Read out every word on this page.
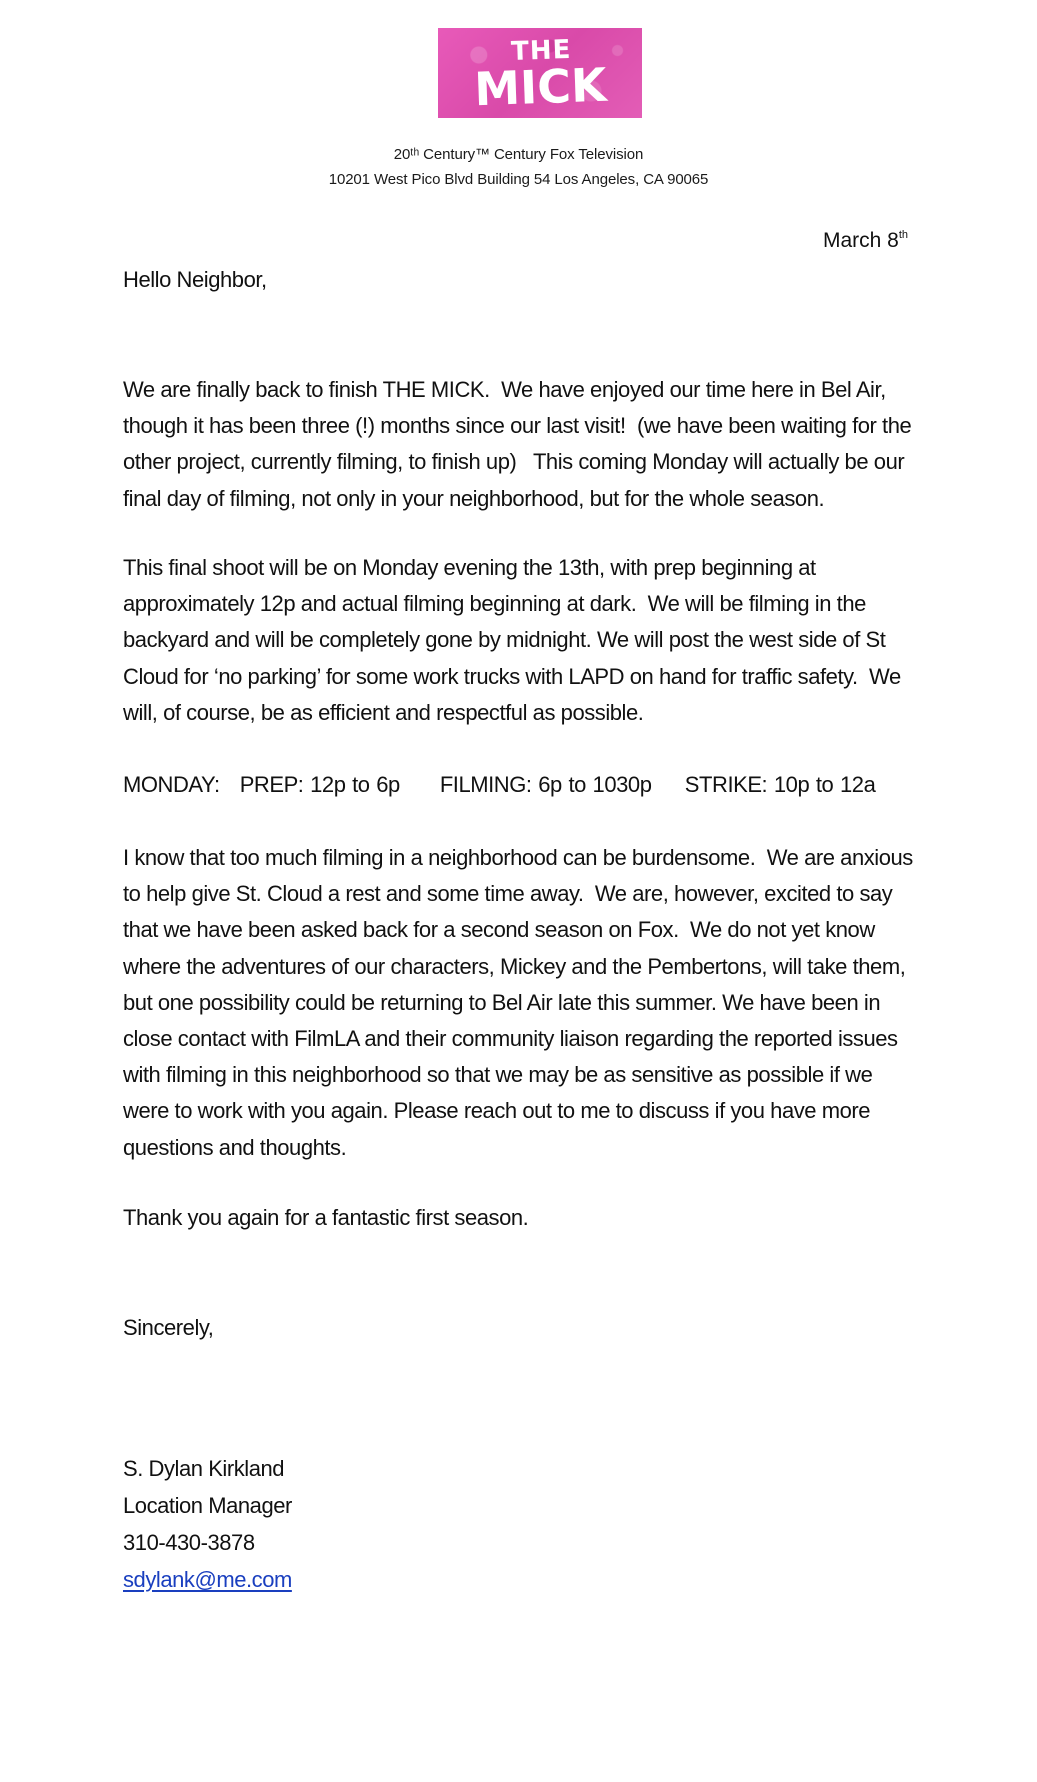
THE
MICK
20ᵗʰ Century™ Century Fox Television
10201 West Pico Blvd Building 54 Los Angeles, CA 90065
March 8th
Hello Neighbor,
We are finally back to finish THE MICK.  We have enjoyed our time here in Bel Air,
though it has been three (!) months since our last visit!  (we have been waiting for the
other project, currently filming, to finish up)   This coming Monday will actually be our
final day of filming, not only in your neighborhood, but for the whole season.
This final shoot will be on Monday evening the 13th, with prep beginning at
approximately 12p and actual filming beginning at dark.  We will be filming in the
backyard and will be completely gone by midnight. We will post the west side of St
Cloud for ‘no parking’ for some work trucks with LAPD on hand for traffic safety.  We
will, of course, be as efficient and respectful as possible.
MONDAY: PREP: 12p to 6p FILMING: 6p to 1030p STRIKE: 10p to 12a
I know that too much filming in a neighborhood can be burdensome.  We are anxious
to help give St. Cloud a rest and some time away.  We are, however, excited to say
that we have been asked back for a second season on Fox.  We do not yet know
where the adventures of our characters, Mickey and the Pembertons, will take them,
but one possibility could be returning to Bel Air late this summer. We have been in
close contact with FilmLA and their community liaison regarding the reported issues
with filming in this neighborhood so that we may be as sensitive as possible if we
were to work with you again. Please reach out to me to discuss if you have more
questions and thoughts.
Thank you again for a fantastic first season.
Sincerely,
S. Dylan Kirkland
Location Manager
310-430-3878
sdylank@me.com
